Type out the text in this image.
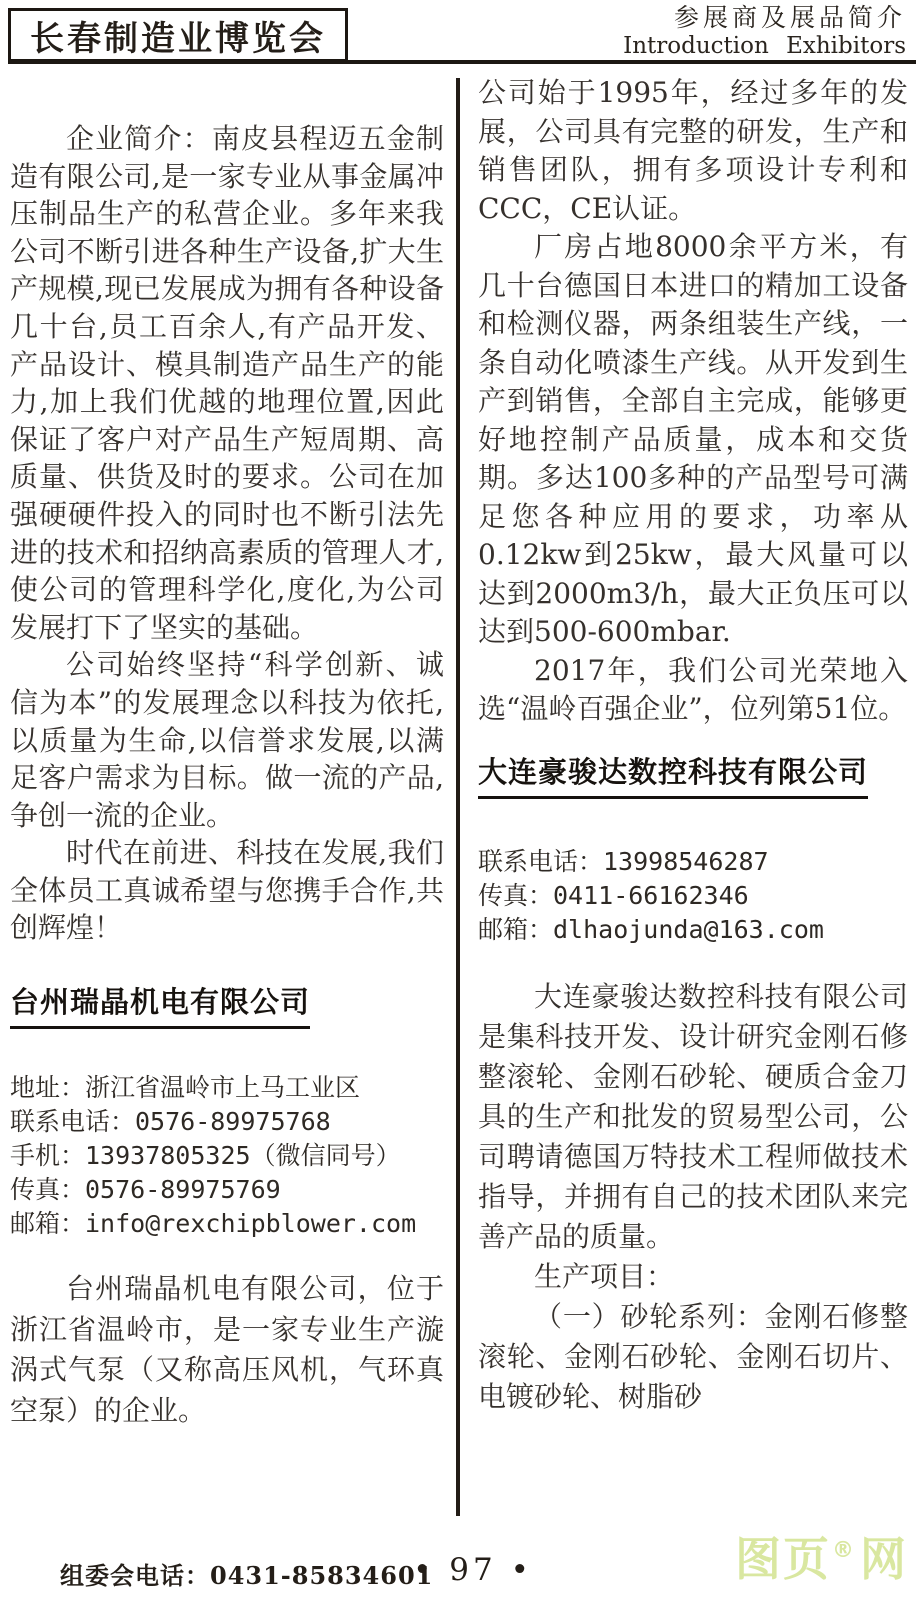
长春制造业博览会
参展商及展品简介
Introduction Exhibitors

企业简介：南皮县程迈五金制造有限公司,是一家专业从事金属冲压制品生产的私营企业。多年来我公司不断引进各种生产设备,扩大生产规模,现已发展成为拥有各种设备几十台,员工百余人,有产品开发、产品设计、模具制造产品生产的能力,加上我们优越的地理位置,因此保证了客户对产品生产短周期、高质量、供货及时的要求。公司在加强硬硬件投入的同时也不断引法先进的技术和招纳高素质的管理人才,使公司的管理科学化,度化,为公司发展打下了坚实的基础。

公司始终坚持“科学创新、诚信为本”的发展理念以科技为依托,以质量为生命,以信誉求发展,以满足客户需求为目标。做一流的产品,争创一流的企业。

时代在前进、科技在发展,我们全体员工真诚希望与您携手合作,共创辉煌！

台州瑞晶机电有限公司

地址：浙江省温岭市上马工业区

联系电话：0576-89975768

手机：13937805325（微信同号）

传真：0576-89975769

邮箱：info@rexchipblower.com

台州瑞晶机电有限公司，位于浙江省温岭市，是一家专业生产漩涡式气泵（又称高压风机，气环真空泵）的企业。

公司始于1995年，经过多年的发展，公司具有完整的研发，生产和销售团队，拥有多项设计专利和CCC，CE认证。

厂房占地8000余平方米，有几十台德国日本进口的精加工设备和检测仪器，两条组装生产线，一条自动化喷漆生产线。从开发到生产到销售，全部自主完成，能够更好地控制产品质量，成本和交货期。多达100多种的产品型号可满足您各种应用的要求，功率从0.12kw到25kw，最大风量可以达到2000m3/h，最大正负压可以达到500-600mbar.

2017年，我们公司光荣地入选“温岭百强企业”，位列第51位。

大连豪骏达数控科技有限公司

联系电话：13998546287

传真：0411-66162346

邮箱：dlhaojunda@163.com

大连豪骏达数控科技有限公司是集科技开发、设计研究金刚石修整滚轮、金刚石砂轮、硬质合金刀具的生产和批发的贸易型公司，公司聘请德国万特技术工程师做技术指导，并拥有自己的技术团队来完善产品的质量。

生产项目：

（一）砂轮系列：金刚石修整滚轮、金刚石砂轮、金刚石切片、电镀砂轮、树脂砂

组委会电话：0431-85834601
• 97 •	图页®网
